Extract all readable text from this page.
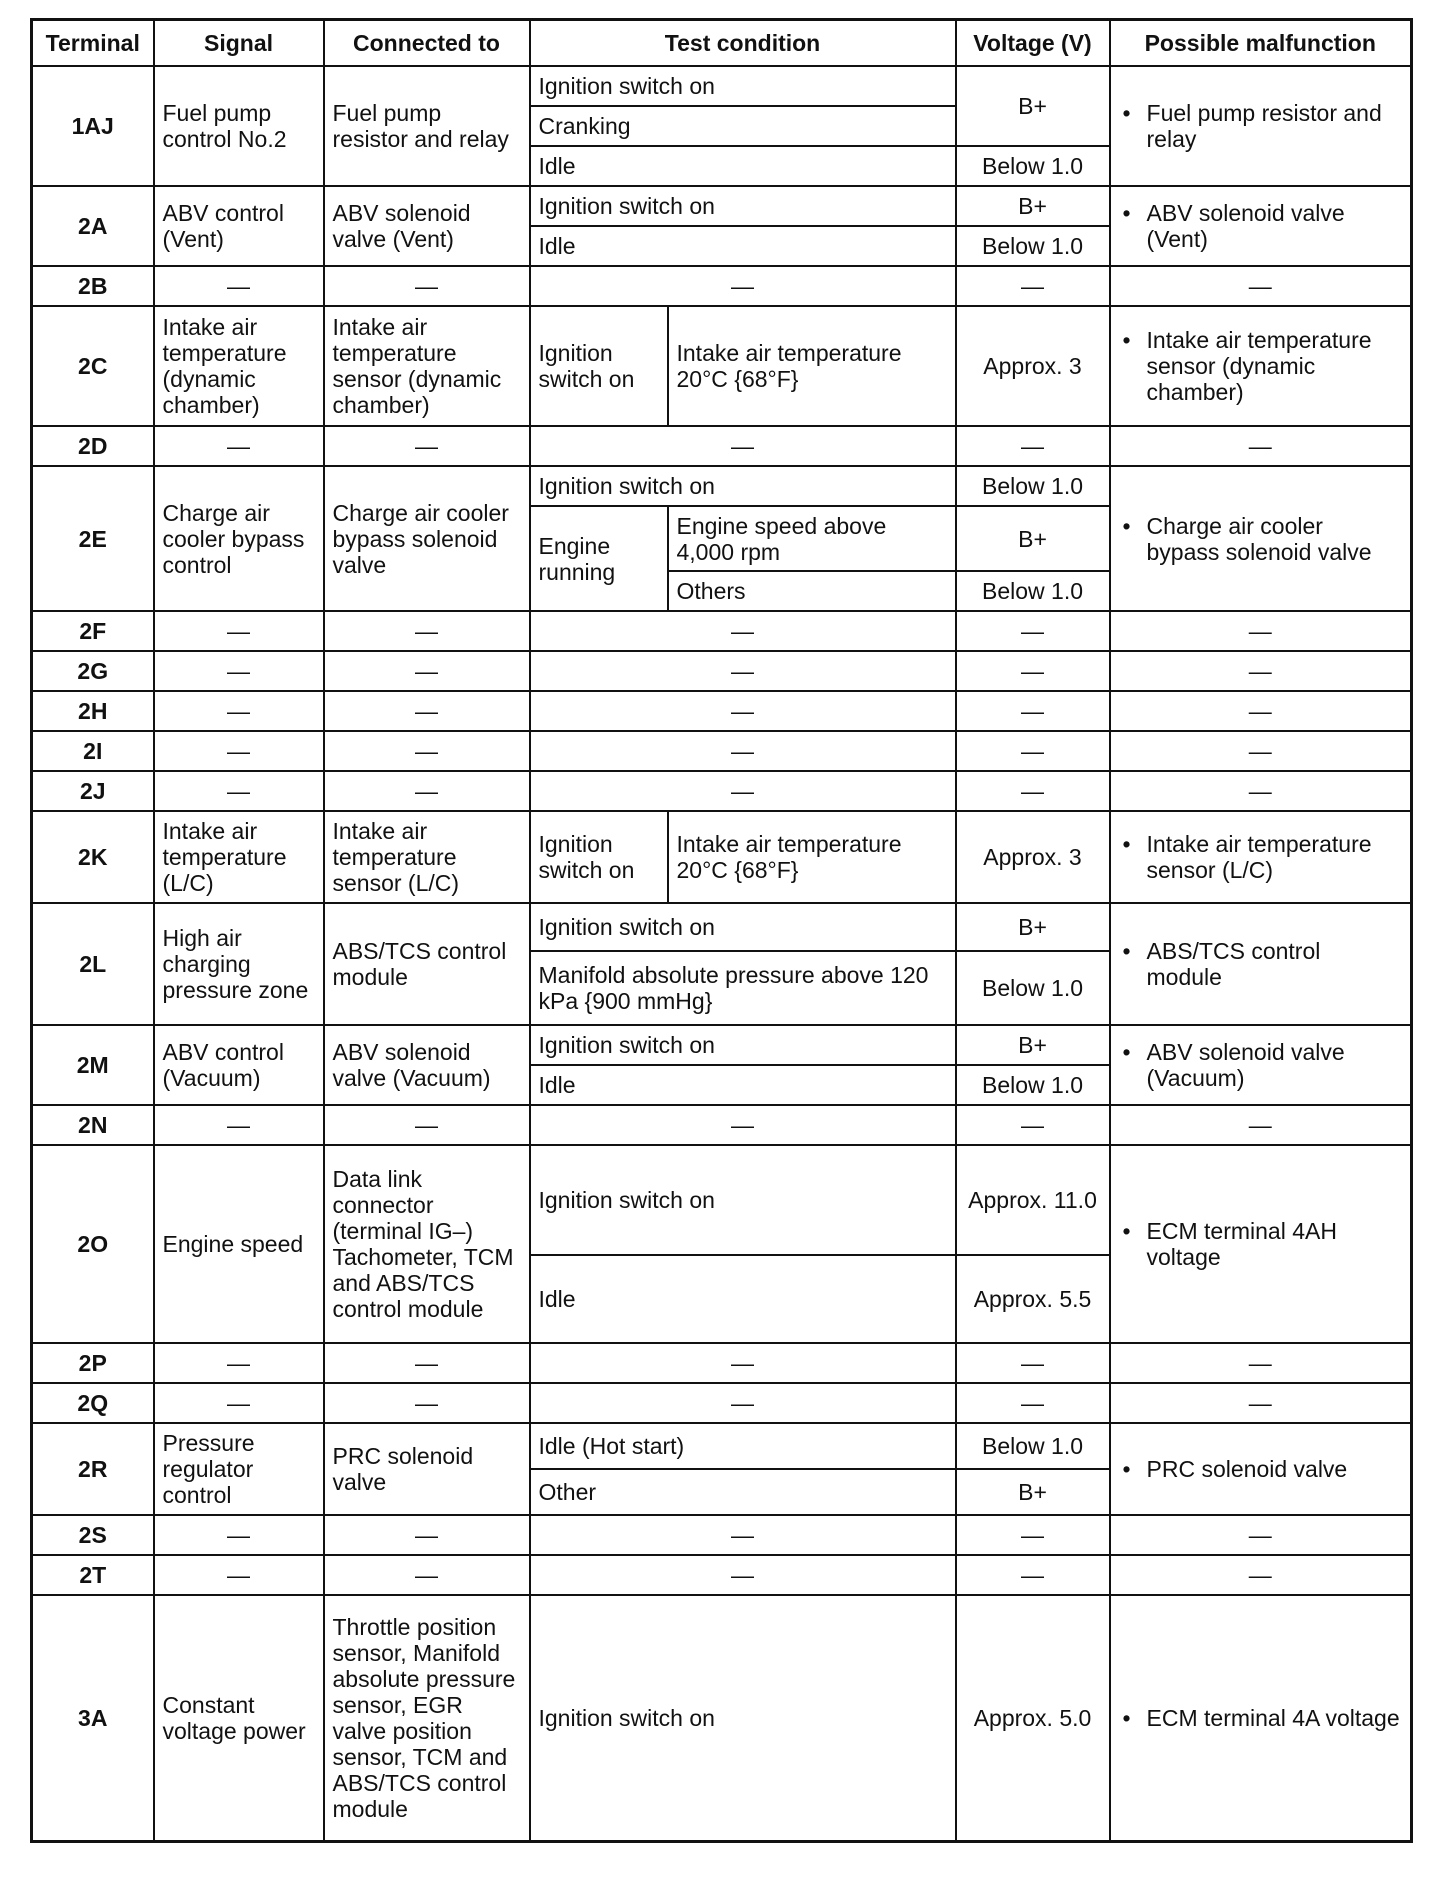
Terminal	Signal	Connected to	Test condition		Voltage (V)	Possible malfunction
1AJ	Fuel pump control No.2	Fuel pump resistor and relay	Ignition switch on		B+	• Fuel pump resistor and relay
			Cranking			
			Idle		Below 1.0	
2A	ABV control (Vent)	ABV solenoid valve (Vent)	Ignition switch on		B+	• ABV solenoid valve (Vent)
			Idle		Below 1.0	
2B	—	—	—		—	—
2C	Intake air temperature (dynamic chamber)	Intake air temperature sensor (dynamic chamber)	Ignition switch on	Intake air temperature 20°C {68°F}	Approx. 3	• Intake air temperature sensor (dynamic chamber)
2D	—	—	—		—	—
2E	Charge air cooler bypass control	Charge air cooler bypass solenoid valve	Ignition switch on		Below 1.0	• Charge air cooler bypass solenoid valve
			Engine running	Engine speed above 4,000 rpm	B+	
				Others	Below 1.0	
2F	—	—	—		—	—
2G	—	—	—		—	—
2H	—	—	—		—	—
2I	—	—	—		—	—
2J	—	—	—		—	—
2K	Intake air temperature (L/C)	Intake air temperature sensor (L/C)	Ignition switch on	Intake air temperature 20°C {68°F}	Approx. 3	• Intake air temperature sensor (L/C)
2L	High air charging pressure zone	ABS/TCS control module	Ignition switch on		B+	• ABS/TCS control module
			Manifold absolute pressure above 120 kPa {900 mmHg}		Below 1.0	
2M	ABV control (Vacuum)	ABV solenoid valve (Vacuum)	Ignition switch on		B+	• ABV solenoid valve (Vacuum)
			Idle		Below 1.0	
2N	—	—	—		—	—
2O	Engine speed	Data link connector (terminal IG–) Tachometer, TCM and ABS/TCS control module	Ignition switch on		Approx. 11.0	• ECM terminal 4AH voltage
			Idle		Approx. 5.5	
2P	—	—	—		—	—
2Q	—	—	—		—	—
2R	Pressure regulator control	PRC solenoid valve	Idle (Hot start)		Below 1.0	• PRC solenoid valve
			Other		B+	
2S	—	—	—		—	—
2T	—	—	—		—	—
3A	Constant voltage power	Throttle position sensor, Manifold absolute pressure sensor, EGR valve position sensor, TCM and ABS/TCS control module	Ignition switch on		Approx. 5.0	• ECM terminal 4A voltage
